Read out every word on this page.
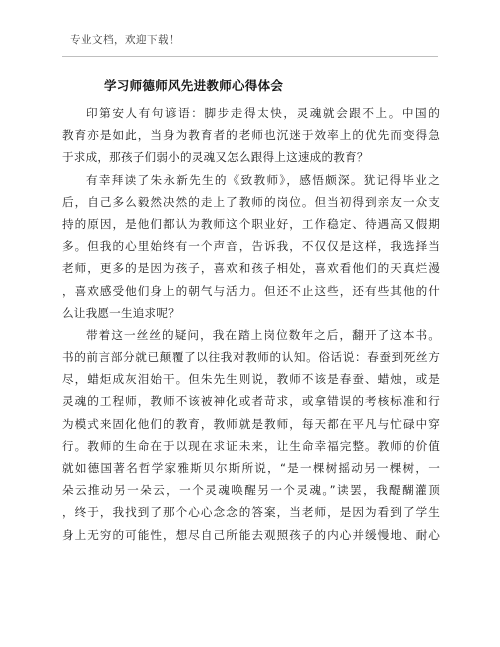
专业文档，欢迎下载！
学习师德师风先进教师心得体会
印第安人有句谚语：脚步走得太快，灵魂就会跟不上。中国的
教育亦是如此，当身为教育者的老师也沉迷于效率上的优先而变得急
于求成，那孩子们弱小的灵魂又怎么跟得上这速成的教育？
有幸拜读了朱永新先生的《致教师》，感悟颇深。犹记得毕业之
后，自己多么毅然决然的走上了教师的岗位。但当初得到亲友一众支
持的原因，是他们都认为教师这个职业好，工作稳定、待遇高又假期
多。但我的心里始终有一个声音，告诉我，不仅仅是这样，我选择当
老师，更多的是因为孩子，喜欢和孩子相处，喜欢看他们的天真烂漫
，喜欢感受他们身上的朝气与活力。但还不止这些，还有些其他的什
么让我愿一生追求呢？
带着这一丝丝的疑问，我在踏上岗位数年之后，翻开了这本书。
书的前言部分就已颠覆了以往我对教师的认知。俗话说：春蚕到死丝方
尽，蜡炬成灰泪始干。但朱先生则说，教师不该是春蚕、蜡烛，或是
灵魂的工程师，教师不该被神化或者苛求，或拿错误的考核标准和行
为模式来固化他们的教育，教师就是教师，每天都在平凡与忙碌中穿
行。教师的生命在于以现在求证未来，让生命幸福完整。教师的价值
就如德国著名哲学家雅斯贝尔斯所说，“是一棵树摇动另一棵树，一
朵云推动另一朵云，一个灵魂唤醒另一个灵魂。”读罢，我醍醐灌顶
，终于，我找到了那个心心念念的答案，当老师，是因为看到了学生
身上无穷的可能性，想尽自己所能去观照孩子的内心并缓慢地、耐心
